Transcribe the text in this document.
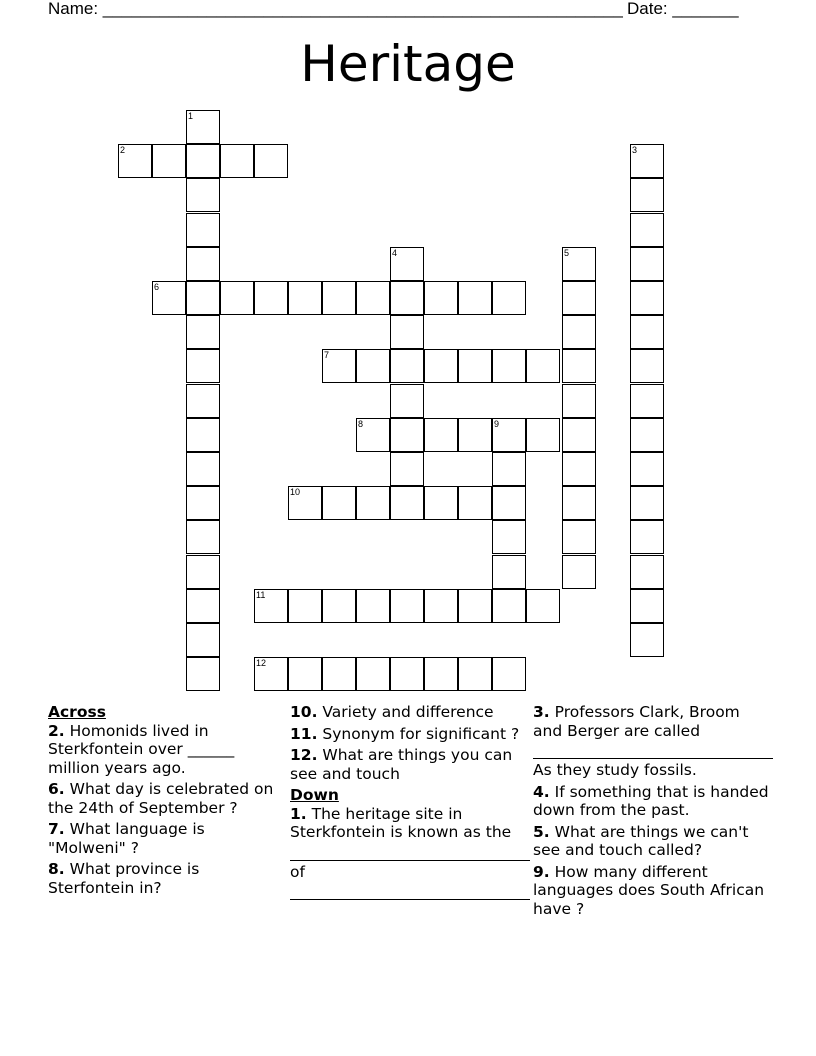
Name: _______________________________________________________ Date: _______
Heritage
1
2	3
4	5
6
7
8	9
10
11
12

Across

2. Homonids lived in Sterkfontein over ______ million years ago.
6. What day is celebrated on the 24th of September ?
7. What language is "Molweni" ?
8. What province is Sterfontein in?
10. Variety and difference
11. Synonym for significant ?
12. What are things you can see and touch

Down

1. The heritage site in Sterkfontein is known as the
of
3. Professors Clark, Broom and Berger are called
As they study fossils.
4. If something that is handed down from the past.
5. What are things we can't see and touch called?
9. How many different languages does South African have ?
